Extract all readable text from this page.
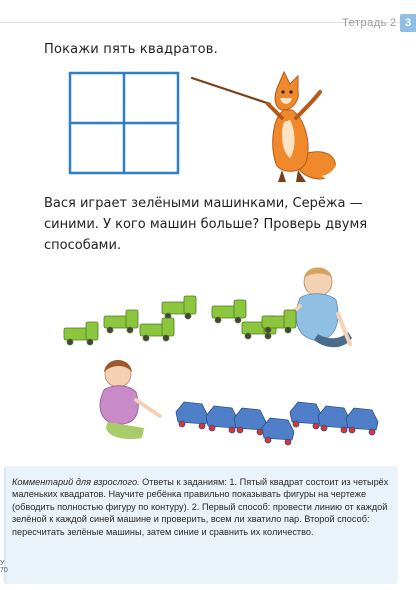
Тетрадь 2 3
Покажи пять квадратов.
Вася играет зелёными машинками, Серёжа — синими. У кого машин больше? Проверь двумя способами.
Комментарий для взрослого. Ответы к заданиям: 1. Пятый квадрат состоит из четырёх маленьких квадратов. Научите ребёнка правильно показывать фигуры на чертеже (обводить полностью фигуру по контуру). 2. Первый способ: провести линию от каждой зелёной к каждой синей машине и проверить, всем ли хватило пар. Второй способ: пересчитать зелёные машины, затем синие и сравнить их количество.
У
70
